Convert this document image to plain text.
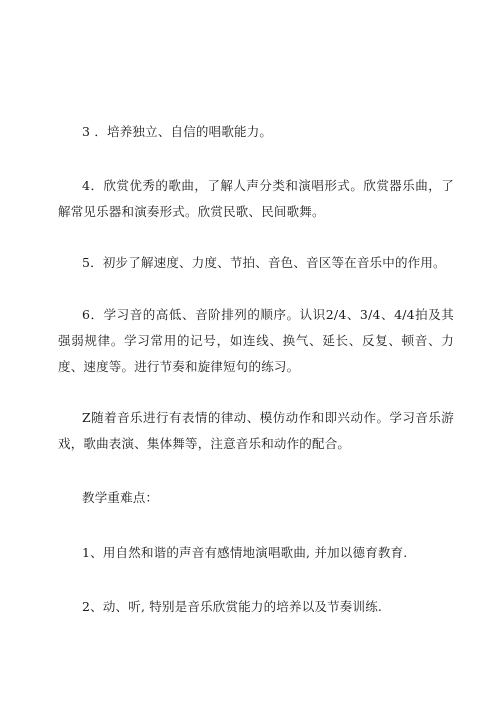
3 ．培养独立、自信的唱歌能力。

4．欣赏优秀的歌曲，了解人声分类和演唱形式。欣赏器乐曲，了解常见乐器和演奏形式。欣赏民歌、民间歌舞。

5．初步了解速度、力度、节拍、音色、音区等在音乐中的作用。

6．学习音的高低、音阶排列的顺序。认识2/4、3/4、4/4拍及其强弱规律。学习常用的记号，如连线、换气、延长、反复、顿音、力度、速度等。进行节奏和旋律短句的练习。

Z随着音乐进行有表情的律动、模仿动作和即兴动作。学习音乐游戏，歌曲表演、集体舞等，注意音乐和动作的配合。

教学重难点：

1、用自然和谐的声音有感情地演唱歌曲, 并加以德育教育.

2、动、听, 特别是音乐欣赏能力的培养以及节奏训练.
